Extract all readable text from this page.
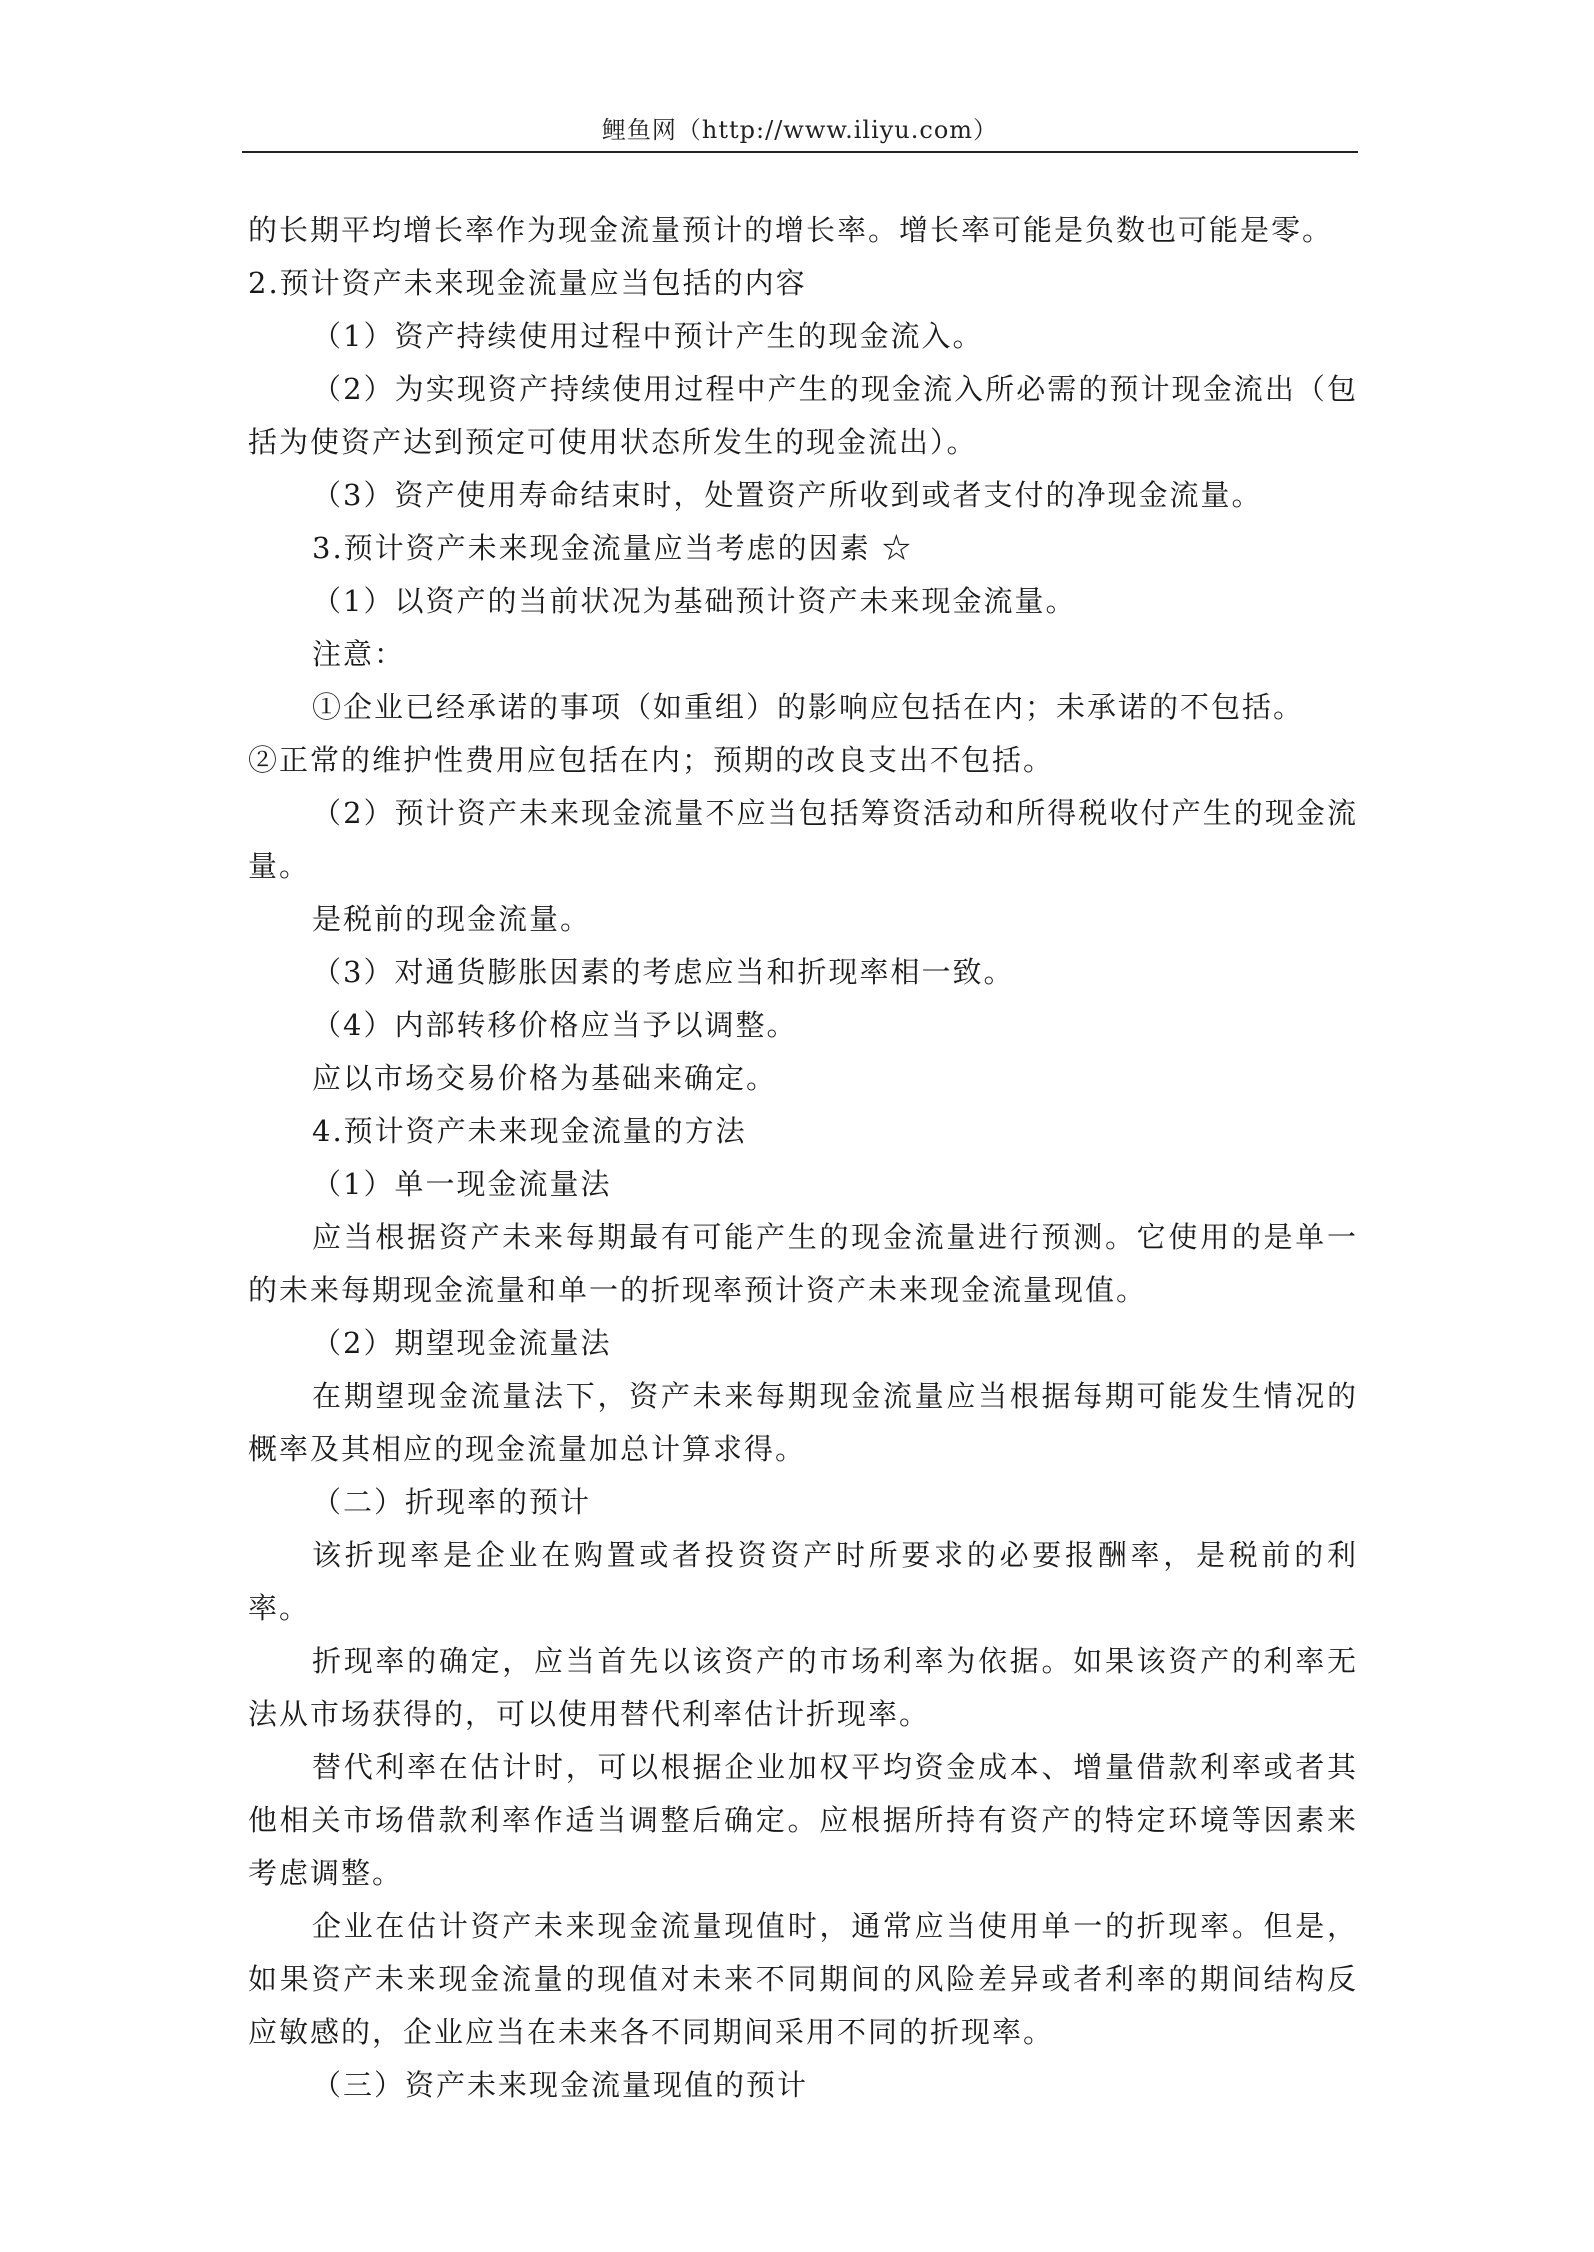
鲤鱼网（http://www.iliyu.com）

的长期平均增长率作为现金流量预计的增长率。增长率可能是负数也可能是零。

2.预计资产未来现金流量应当包括的内容

（1）资产持续使用过程中预计产生的现金流入。

（2）为实现资产持续使用过程中产生的现金流入所必需的预计现金流出（包括为使资产达到预定可使用状态所发生的现金流出）。

（3）资产使用寿命结束时，处置资产所收到或者支付的净现金流量。

3.预计资产未来现金流量应当考虑的因素 ☆

（1）以资产的当前状况为基础预计资产未来现金流量。

注意：

①企业已经承诺的事项（如重组）的影响应包括在内；未承诺的不包括。

②正常的维护性费用应包括在内；预期的改良支出不包括。

（2）预计资产未来现金流量不应当包括筹资活动和所得税收付产生的现金流量。

是税前的现金流量。

（3）对通货膨胀因素的考虑应当和折现率相一致。

（4）内部转移价格应当予以调整。

应以市场交易价格为基础来确定。

4.预计资产未来现金流量的方法

（1）单一现金流量法

应当根据资产未来每期最有可能产生的现金流量进行预测。它使用的是单一的未来每期现金流量和单一的折现率预计资产未来现金流量现值。

（2）期望现金流量法

在期望现金流量法下，资产未来每期现金流量应当根据每期可能发生情况的概率及其相应的现金流量加总计算求得。

（二）折现率的预计

该折现率是企业在购置或者投资资产时所要求的必要报酬率，是税前的利率。

折现率的确定，应当首先以该资产的市场利率为依据。如果该资产的利率无法从市场获得的，可以使用替代利率估计折现率。

替代利率在估计时，可以根据企业加权平均资金成本、增量借款利率或者其他相关市场借款利率作适当调整后确定。应根据所持有资产的特定环境等因素来考虑调整。

企业在估计资产未来现金流量现值时，通常应当使用单一的折现率。但是，如果资产未来现金流量的现值对未来不同期间的风险差异或者利率的期间结构反应敏感的，企业应当在未来各不同期间采用不同的折现率。

（三）资产未来现金流量现值的预计
